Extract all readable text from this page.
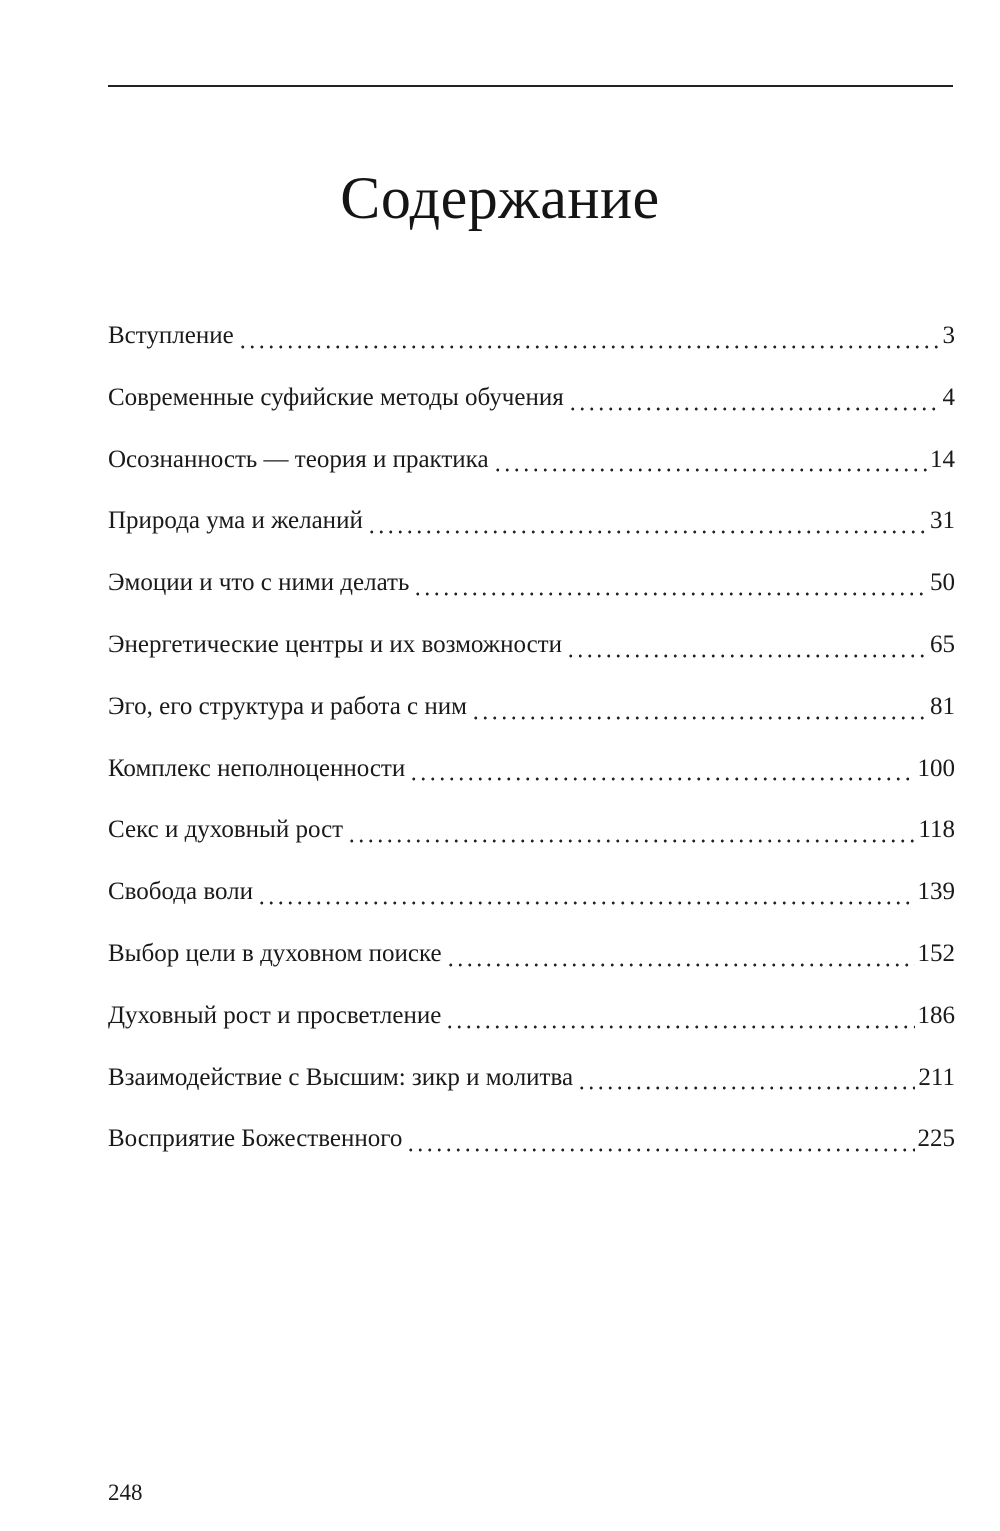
Содержание
Вступление	3
Современные суфийские методы обучения	4
Осознанность — теория и практика	14
Природа ума и желаний	31
Эмоции и что с ними делать	50
Энергетические центры и их возможности	65
Эго, его структура и работа с ним	81
Комплекс неполноценности	100
Секс и духовный рост	118
Свобода воли	139
Выбор цели в духовном поиске	152
Духовный рост и просветление	186
Взаимодействие с Высшим: зикр и молитва	211
Восприятие Божественного	225
248
